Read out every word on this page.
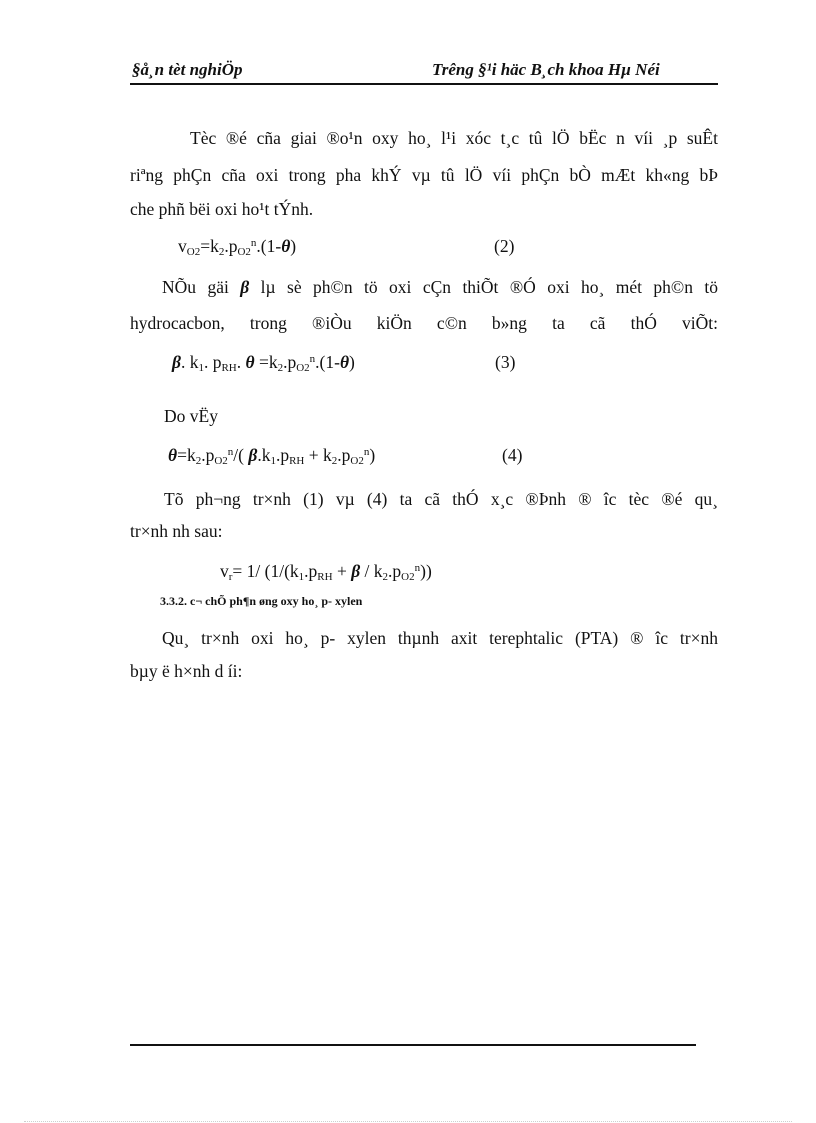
§å¸n tèt nghiÖp	Trêng §¹i häc B¸ch khoa Hµ Néi
Tèc ®é cña giai ®o¹n oxy ho¸ l¹i xóc t¸c tû lÖ bËc n víi ¸p suÊt
riªng phÇn cña oxi trong pha khÝ vµ tû lÖ víi phÇn bÒ mÆt kh«ng bÞ
che phñ bëi oxi ho¹t tÝnh.
$v_{O2}=k_2.p_{O2}^n.(1-\theta)$	(2)
NÕu gäi β lµ sè ph©n tö oxi cÇn thiÕt ®Ó oxi ho¸ mét ph©n tö
hydrocacbon, trong ®iÒu kiÖn c©n b»ng ta cã thÓ viÕt:
β. $k_1$. $p_{RH}$. $\theta =k_2.p_{O2}^n.(1-\theta)$	(3)
Do vËy
$\theta=k_2.p_{O2}^n/$( $\beta.k_1.p_{RH} + k_2.p_{O2}^n$)	(4)
Tõ ph¬ng tr×nh (1) vµ (4) ta cã thÓ x¸c ®Þnh ® îc tèc ®é qu¸
tr×nh nh sau:
$v_r= 1/$ $(1/(k_1.p_{RH} + \beta / k_2.p_{O2}^n))$
3.3.2. c¬ chÕ ph¶n øng oxy ho¸ p- xylen
Qu¸ tr×nh oxi ho¸ p- xylen thµnh axit terephtalic (PTA) ® îc tr×nh
bµy ë h×nh d íi:
